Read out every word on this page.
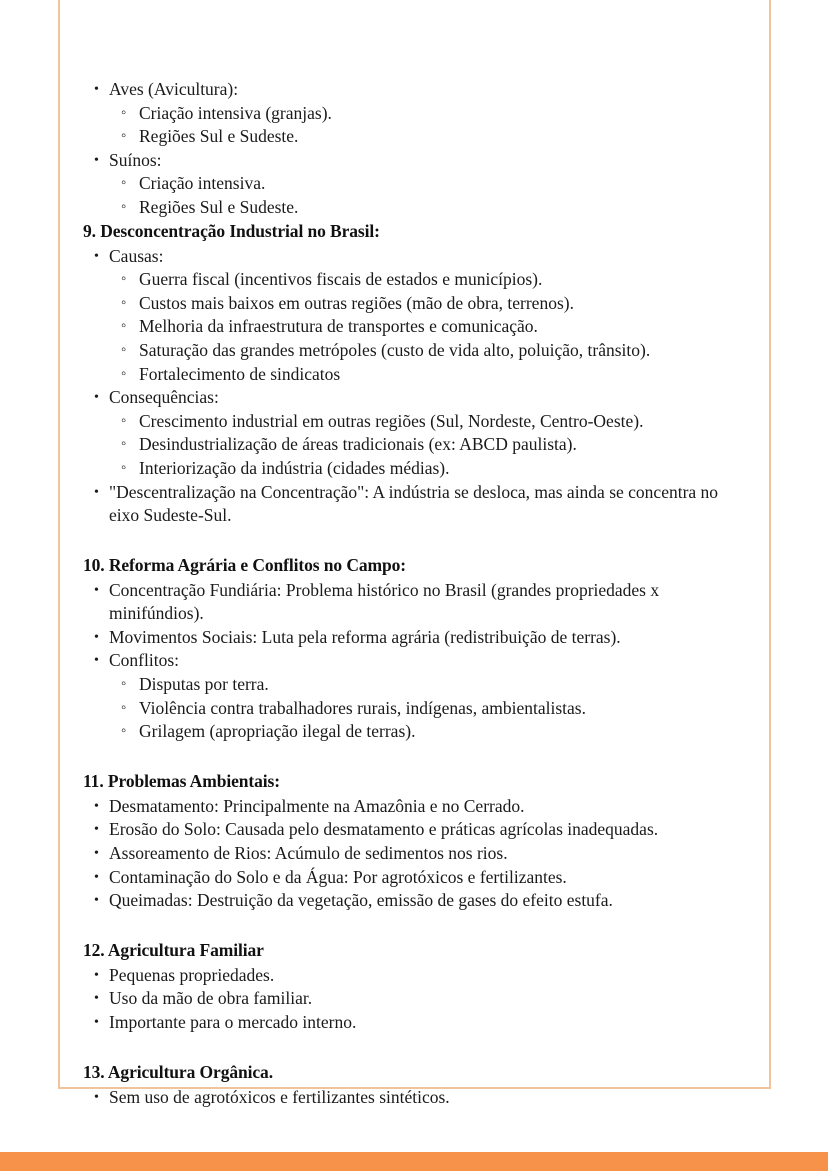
• Aves (Avicultura):
◦ Criação intensiva (granjas).
◦ Regiões Sul e Sudeste.
• Suínos:
◦ Criação intensiva.
◦ Regiões Sul e Sudeste.
9. Desconcentração Industrial no Brasil:
• Causas:
◦ Guerra fiscal (incentivos fiscais de estados e municípios).
◦ Custos mais baixos em outras regiões (mão de obra, terrenos).
◦ Melhoria da infraestrutura de transportes e comunicação.
◦ Saturação das grandes metrópoles (custo de vida alto, poluição, trânsito).
◦ Fortalecimento de sindicatos
• Consequências:
◦ Crescimento industrial em outras regiões (Sul, Nordeste, Centro-Oeste).
◦ Desindustrialização de áreas tradicionais (ex: ABCD paulista).
◦ Interiorização da indústria (cidades médias).
• "Descentralização na Concentração": A indústria se desloca, mas ainda se concentra no eixo Sudeste-Sul.
10. Reforma Agrária e Conflitos no Campo:
• Concentração Fundiária: Problema histórico no Brasil (grandes propriedades x minifúndios).
• Movimentos Sociais: Luta pela reforma agrária (redistribuição de terras).
• Conflitos:
◦ Disputas por terra.
◦ Violência contra trabalhadores rurais, indígenas, ambientalistas.
◦ Grilagem (apropriação ilegal de terras).
11. Problemas Ambientais:
• Desmatamento: Principalmente na Amazônia e no Cerrado.
• Erosão do Solo: Causada pelo desmatamento e práticas agrícolas inadequadas.
• Assoreamento de Rios: Acúmulo de sedimentos nos rios.
• Contaminação do Solo e da Água: Por agrotóxicos e fertilizantes.
• Queimadas: Destruição da vegetação, emissão de gases do efeito estufa.
12. Agricultura Familiar
• Pequenas propriedades.
• Uso da mão de obra familiar.
• Importante para o mercado interno.
13. Agricultura Orgânica.
• Sem uso de agrotóxicos e fertilizantes sintéticos.
